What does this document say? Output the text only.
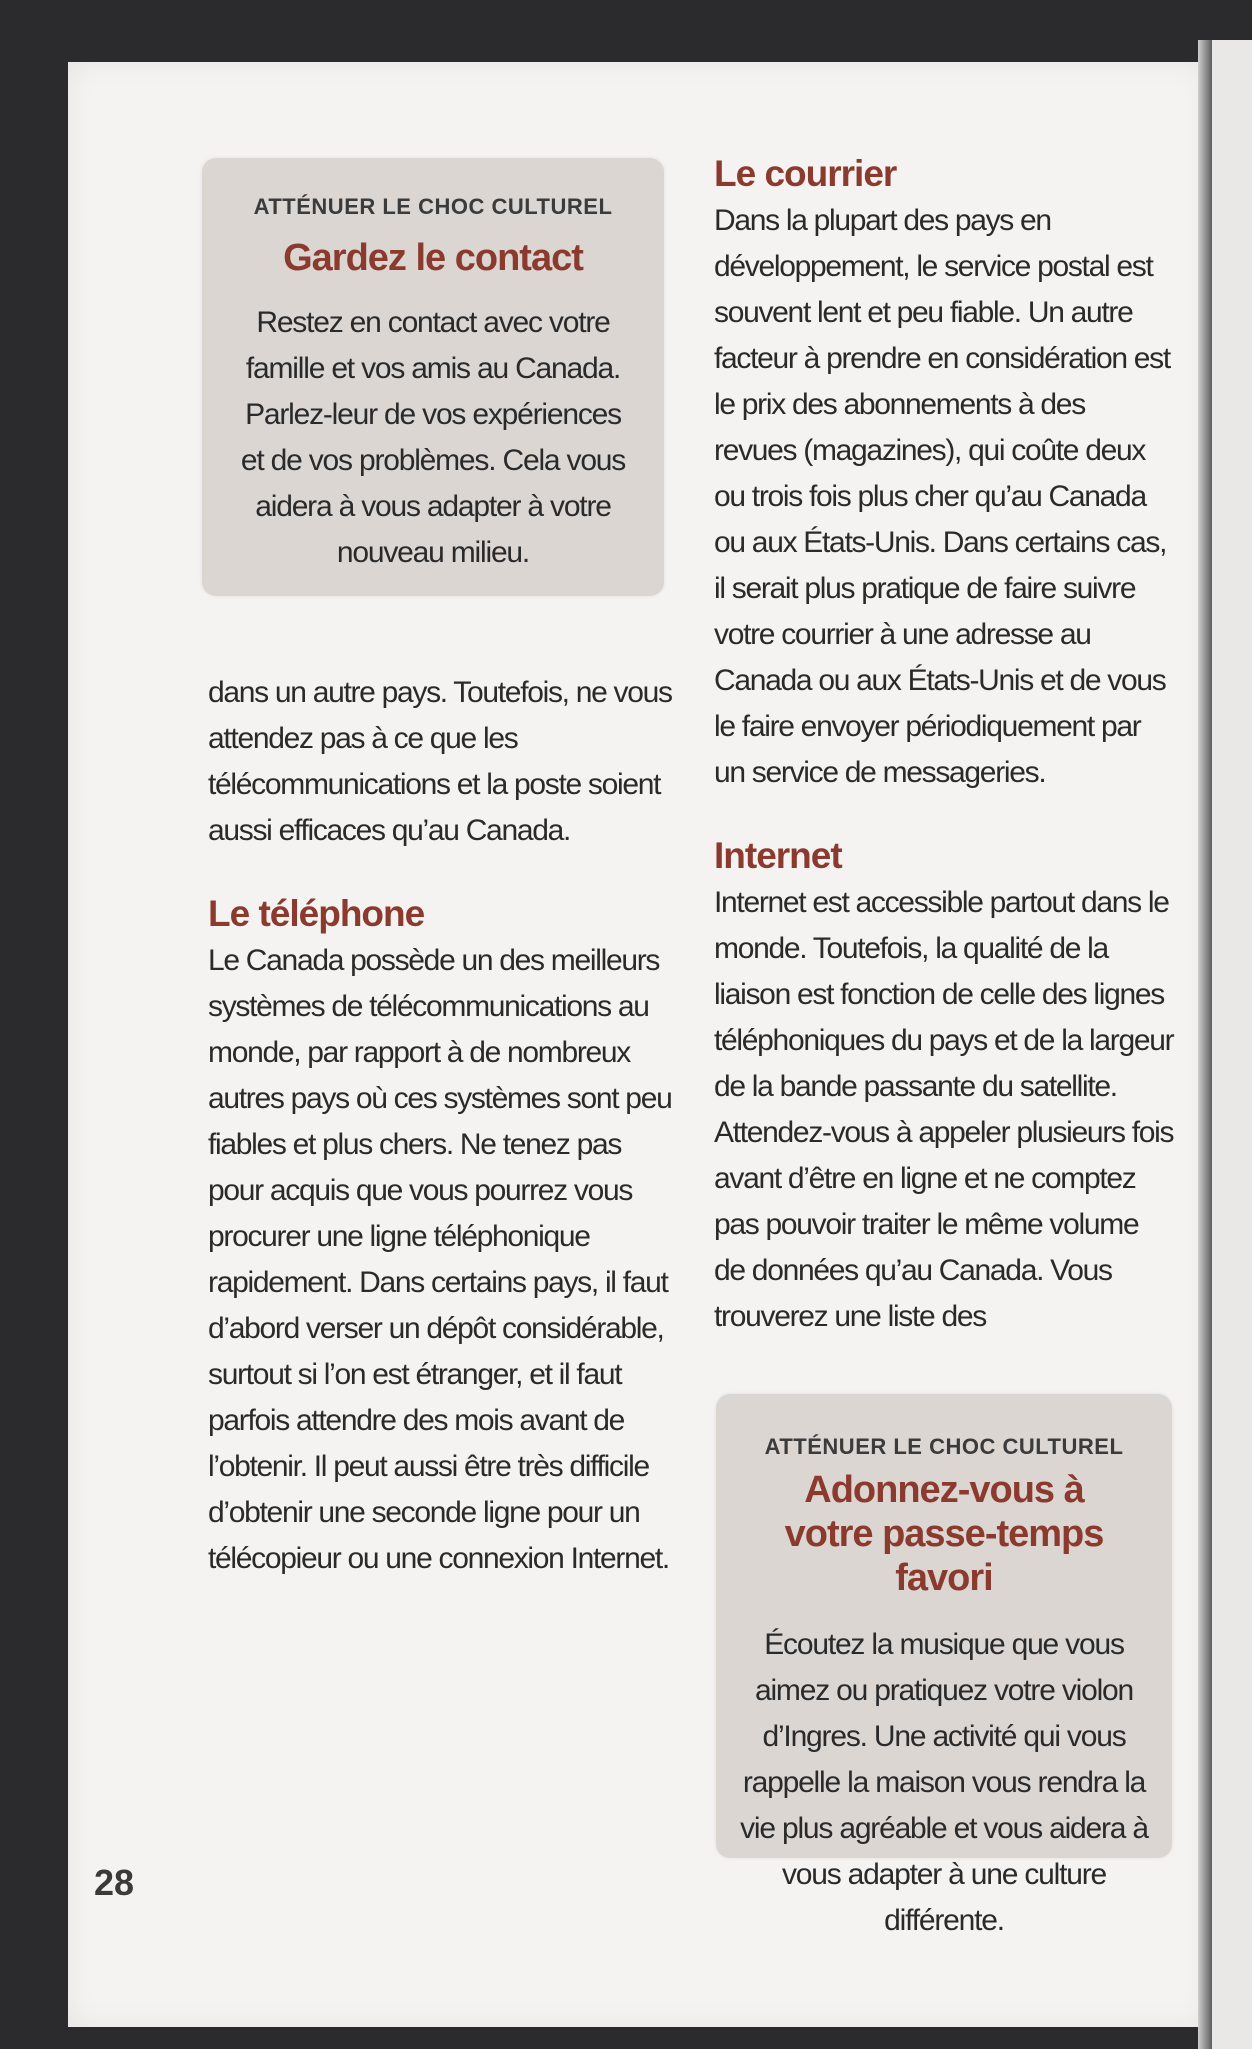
ATTÉNUER LE CHOC CULTUREL
Gardez le contact
Restez en contact avec votre famille et vos amis au Canada. Parlez-leur de vos expériences et de vos problèmes. Cela vous aidera à vous adapter à votre nouveau milieu.

dans un autre pays. Toutefois, ne vous attendez pas à ce que les télécommunications et la poste soient aussi efficaces qu’au Canada.

Le téléphone

Le Canada possède un des meilleurs systèmes de télécommunications au monde, par rapport à de nombreux autres pays où ces systèmes sont peu fiables et plus chers. Ne tenez pas pour acquis que vous pourrez vous procurer une ligne téléphonique rapidement. Dans certains pays, il faut d’abord verser un dépôt considérable, surtout si l’on est étranger, et il faut parfois attendre des mois avant de l’obtenir. Il peut aussi être très difficile d’obtenir une seconde ligne pour un télécopieur ou une connexion Internet.

Le courrier

Dans la plupart des pays en développement, le service postal est souvent lent et peu fiable. Un autre facteur à prendre en considération est le prix des abonnements à des revues (magazines), qui coûte deux ou trois fois plus cher qu’au Canada ou aux États-Unis. Dans certains cas, il serait plus pratique de faire suivre votre courrier à une adresse au Canada ou aux États-Unis et de vous le faire envoyer périodiquement par un service de messageries.

Internet

Internet est accessible partout dans le monde. Toutefois, la qualité de la liaison est fonction de celle des lignes téléphoniques du pays et de la largeur de la bande passante du satellite. Attendez-vous à appeler plusieurs fois avant d’être en ligne et ne comptez pas pouvoir traiter le même volume de données qu’au Canada. Vous trouverez une liste des

ATTÉNUER LE CHOC CULTUREL
Adonnez-vous à votre passe-temps favori
Écoutez la musique que vous aimez ou pratiquez votre violon d’Ingres. Une activité qui vous rappelle la maison vous rendra la vie plus agréable et vous aidera à vous adapter à une culture différente.
28
